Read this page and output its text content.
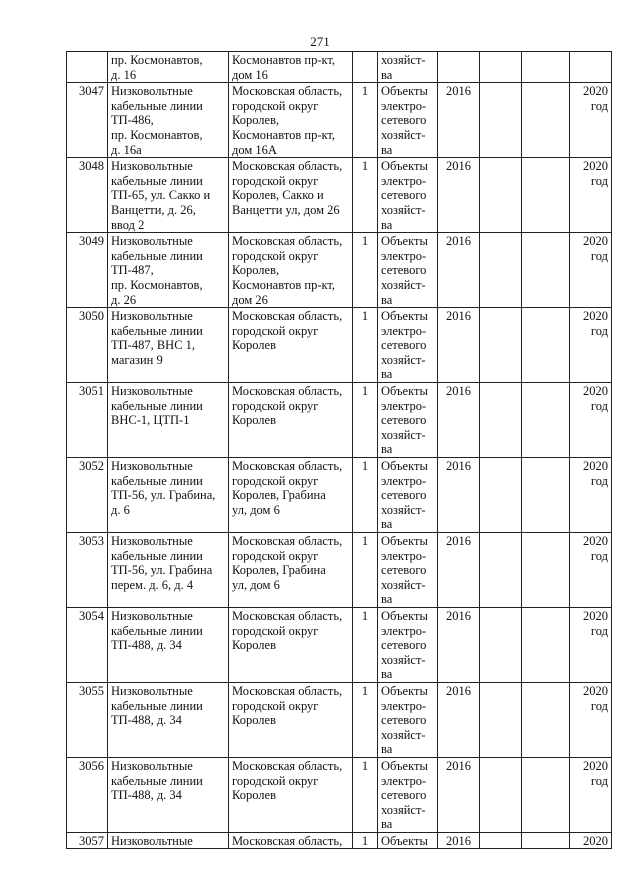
271
	пр. Космонавтов,
д. 16	Космонавтов пр-кт,
дом 16		хозяйст-
ва				
3047	Низковольтные
кабельные линии
ТП-486,
пр. Космонавтов,
д. 16а	Московская область,
городской округ
Королев,
Космонавтов пр-кт,
дом 16А	1	Объекты
электро-
сетевого
хозяйст-
ва	2016			2020
год
3048	Низковольтные
кабельные линии
ТП-65, ул. Сакко и
Ванцетти, д. 26,
ввод 2	Московская область,
городской округ
Королев, Сакко и
Ванцетти ул, дом 26	1	Объекты
электро-
сетевого
хозяйст-
ва	2016			2020
год
3049	Низковольтные
кабельные линии
ТП-487,
пр. Космонавтов,
д. 26	Московская область,
городской округ
Королев,
Космонавтов пр-кт,
дом 26	1	Объекты
электро-
сетевого
хозяйст-
ва	2016			2020
год
3050	Низковольтные
кабельные линии
ТП-487, ВНС 1,
магазин 9	Московская область,
городской округ
Королев	1	Объекты
электро-
сетевого
хозяйст-
ва	2016			2020
год
3051	Низковольтные
кабельные линии
ВНС-1, ЦТП-1	Московская область,
городской округ
Королев	1	Объекты
электро-
сетевого
хозяйст-
ва	2016			2020
год
3052	Низковольтные
кабельные линии
ТП-56, ул. Грабина,
д. 6	Московская область,
городской округ
Королев, Грабина
ул, дом 6	1	Объекты
электро-
сетевого
хозяйст-
ва	2016			2020
год
3053	Низковольтные
кабельные линии
ТП-56, ул. Грабина
перем. д. 6, д. 4	Московская область,
городской округ
Королев, Грабина
ул, дом 6	1	Объекты
электро-
сетевого
хозяйст-
ва	2016			2020
год
3054	Низковольтные
кабельные линии
ТП-488, д. 34	Московская область,
городской округ
Королев	1	Объекты
электро-
сетевого
хозяйст-
ва	2016			2020
год
3055	Низковольтные
кабельные линии
ТП-488, д. 34	Московская область,
городской округ
Королев	1	Объекты
электро-
сетевого
хозяйст-
ва	2016			2020
год
3056	Низковольтные
кабельные линии
ТП-488, д. 34	Московская область,
городской округ
Королев	1	Объекты
электро-
сетевого
хозяйст-
ва	2016			2020
год
3057	Низковольтные	Московская область,	1	Объекты	2016			2020
